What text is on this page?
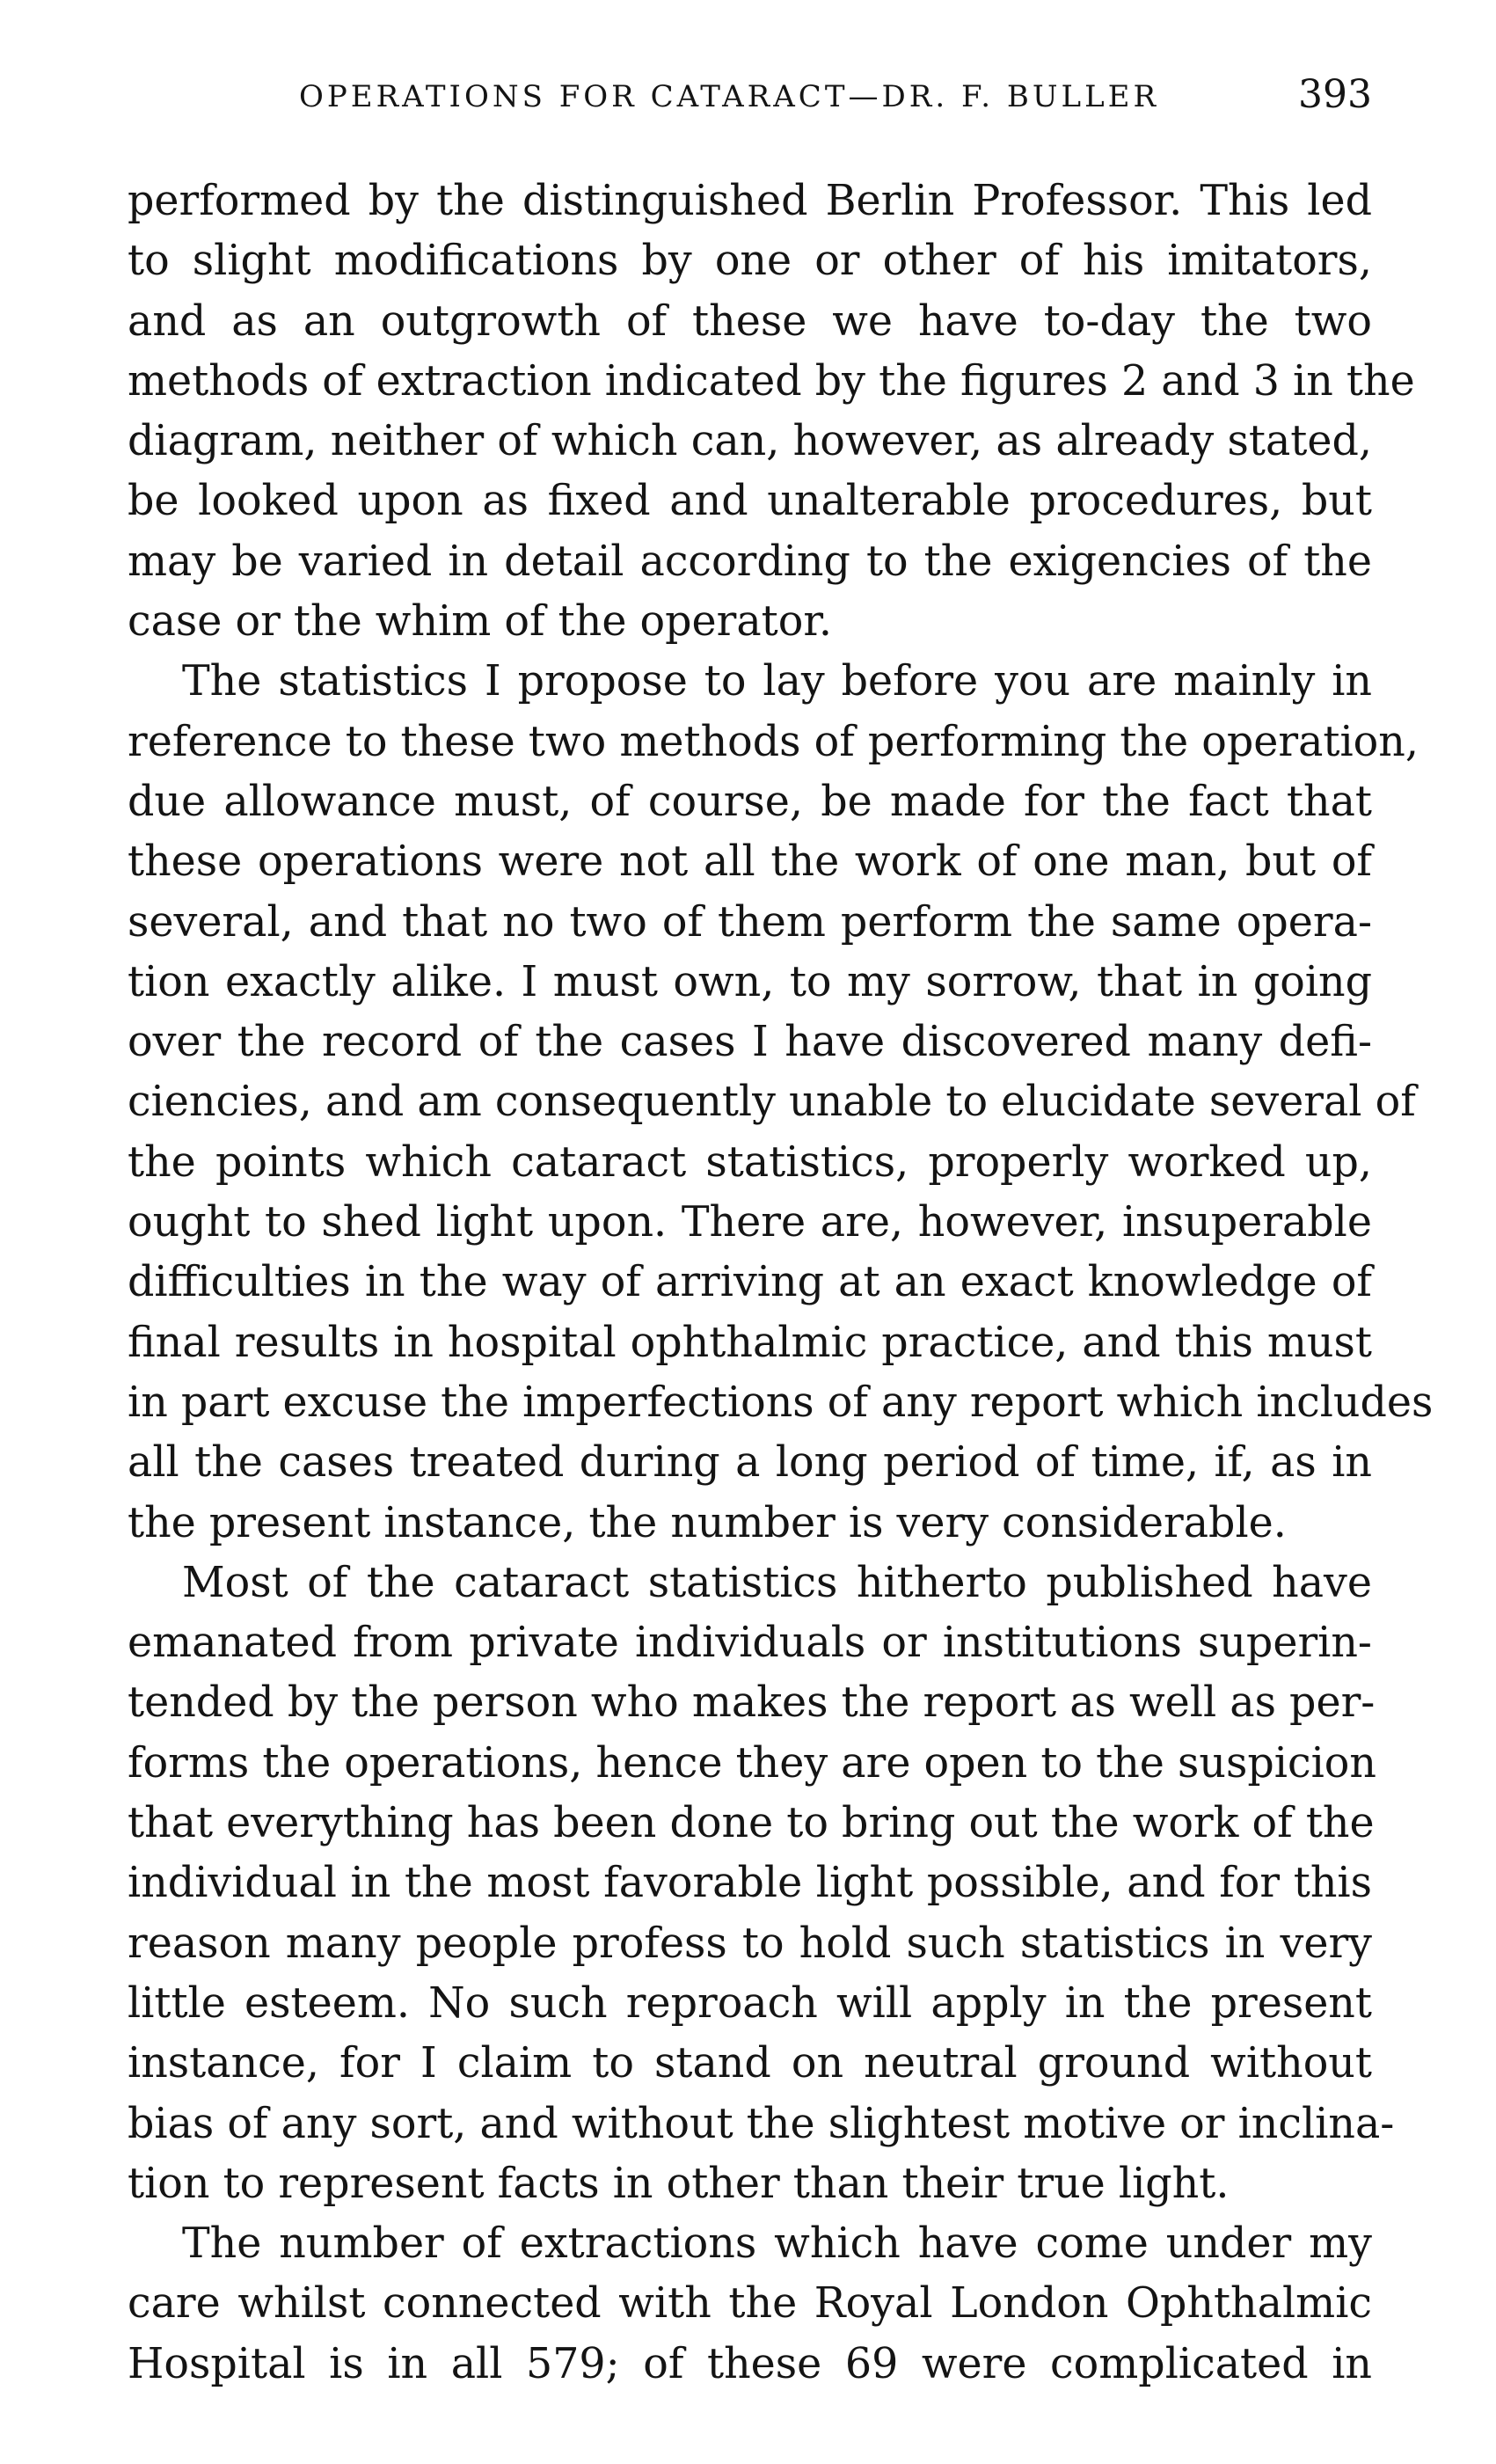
OPERATIONS FOR CATARACT—DR. F. BULLER	393
performed by the distinguished Berlin Professor. This led
to slight modifications by one or other of his imitators,
and as an outgrowth of these we have to-day the two
methods of extraction indicated by the figures 2 and 3 in the
diagram, neither of which can, however, as already stated,
be looked upon as fixed and unalterable procedures, but
may be varied in detail according to the exigencies of the
case or the whim of the operator.
The statistics I propose to lay before you are mainly in
reference to these two methods of performing the operation,
due allowance must, of course, be made for the fact that
these operations were not all the work of one man, but of
several, and that no two of them perform the same opera-
tion exactly alike. I must own, to my sorrow, that in going
over the record of the cases I have discovered many defi-
ciencies, and am consequently unable to elucidate several of
the points which cataract statistics, properly worked up,
ought to shed light upon. There are, however, insuperable
difficulties in the way of arriving at an exact knowledge of
final results in hospital ophthalmic practice, and this must
in part excuse the imperfections of any report which includes
all the cases treated during a long period of time, if, as in
the present instance, the number is very considerable.
Most of the cataract statistics hitherto published have
emanated from private individuals or institutions superin-
tended by the person who makes the report as well as per-
forms the operations, hence they are open to the suspicion
that everything has been done to bring out the work of the
individual in the most favorable light possible, and for this
reason many people profess to hold such statistics in very
little esteem. No such reproach will apply in the present
instance, for I claim to stand on neutral ground without
bias of any sort, and without the slightest motive or inclina-
tion to represent facts in other than their true light.
The number of extractions which have come under my
care whilst connected with the Royal London Ophthalmic
Hospital is in all 579; of these 69 were complicated in
